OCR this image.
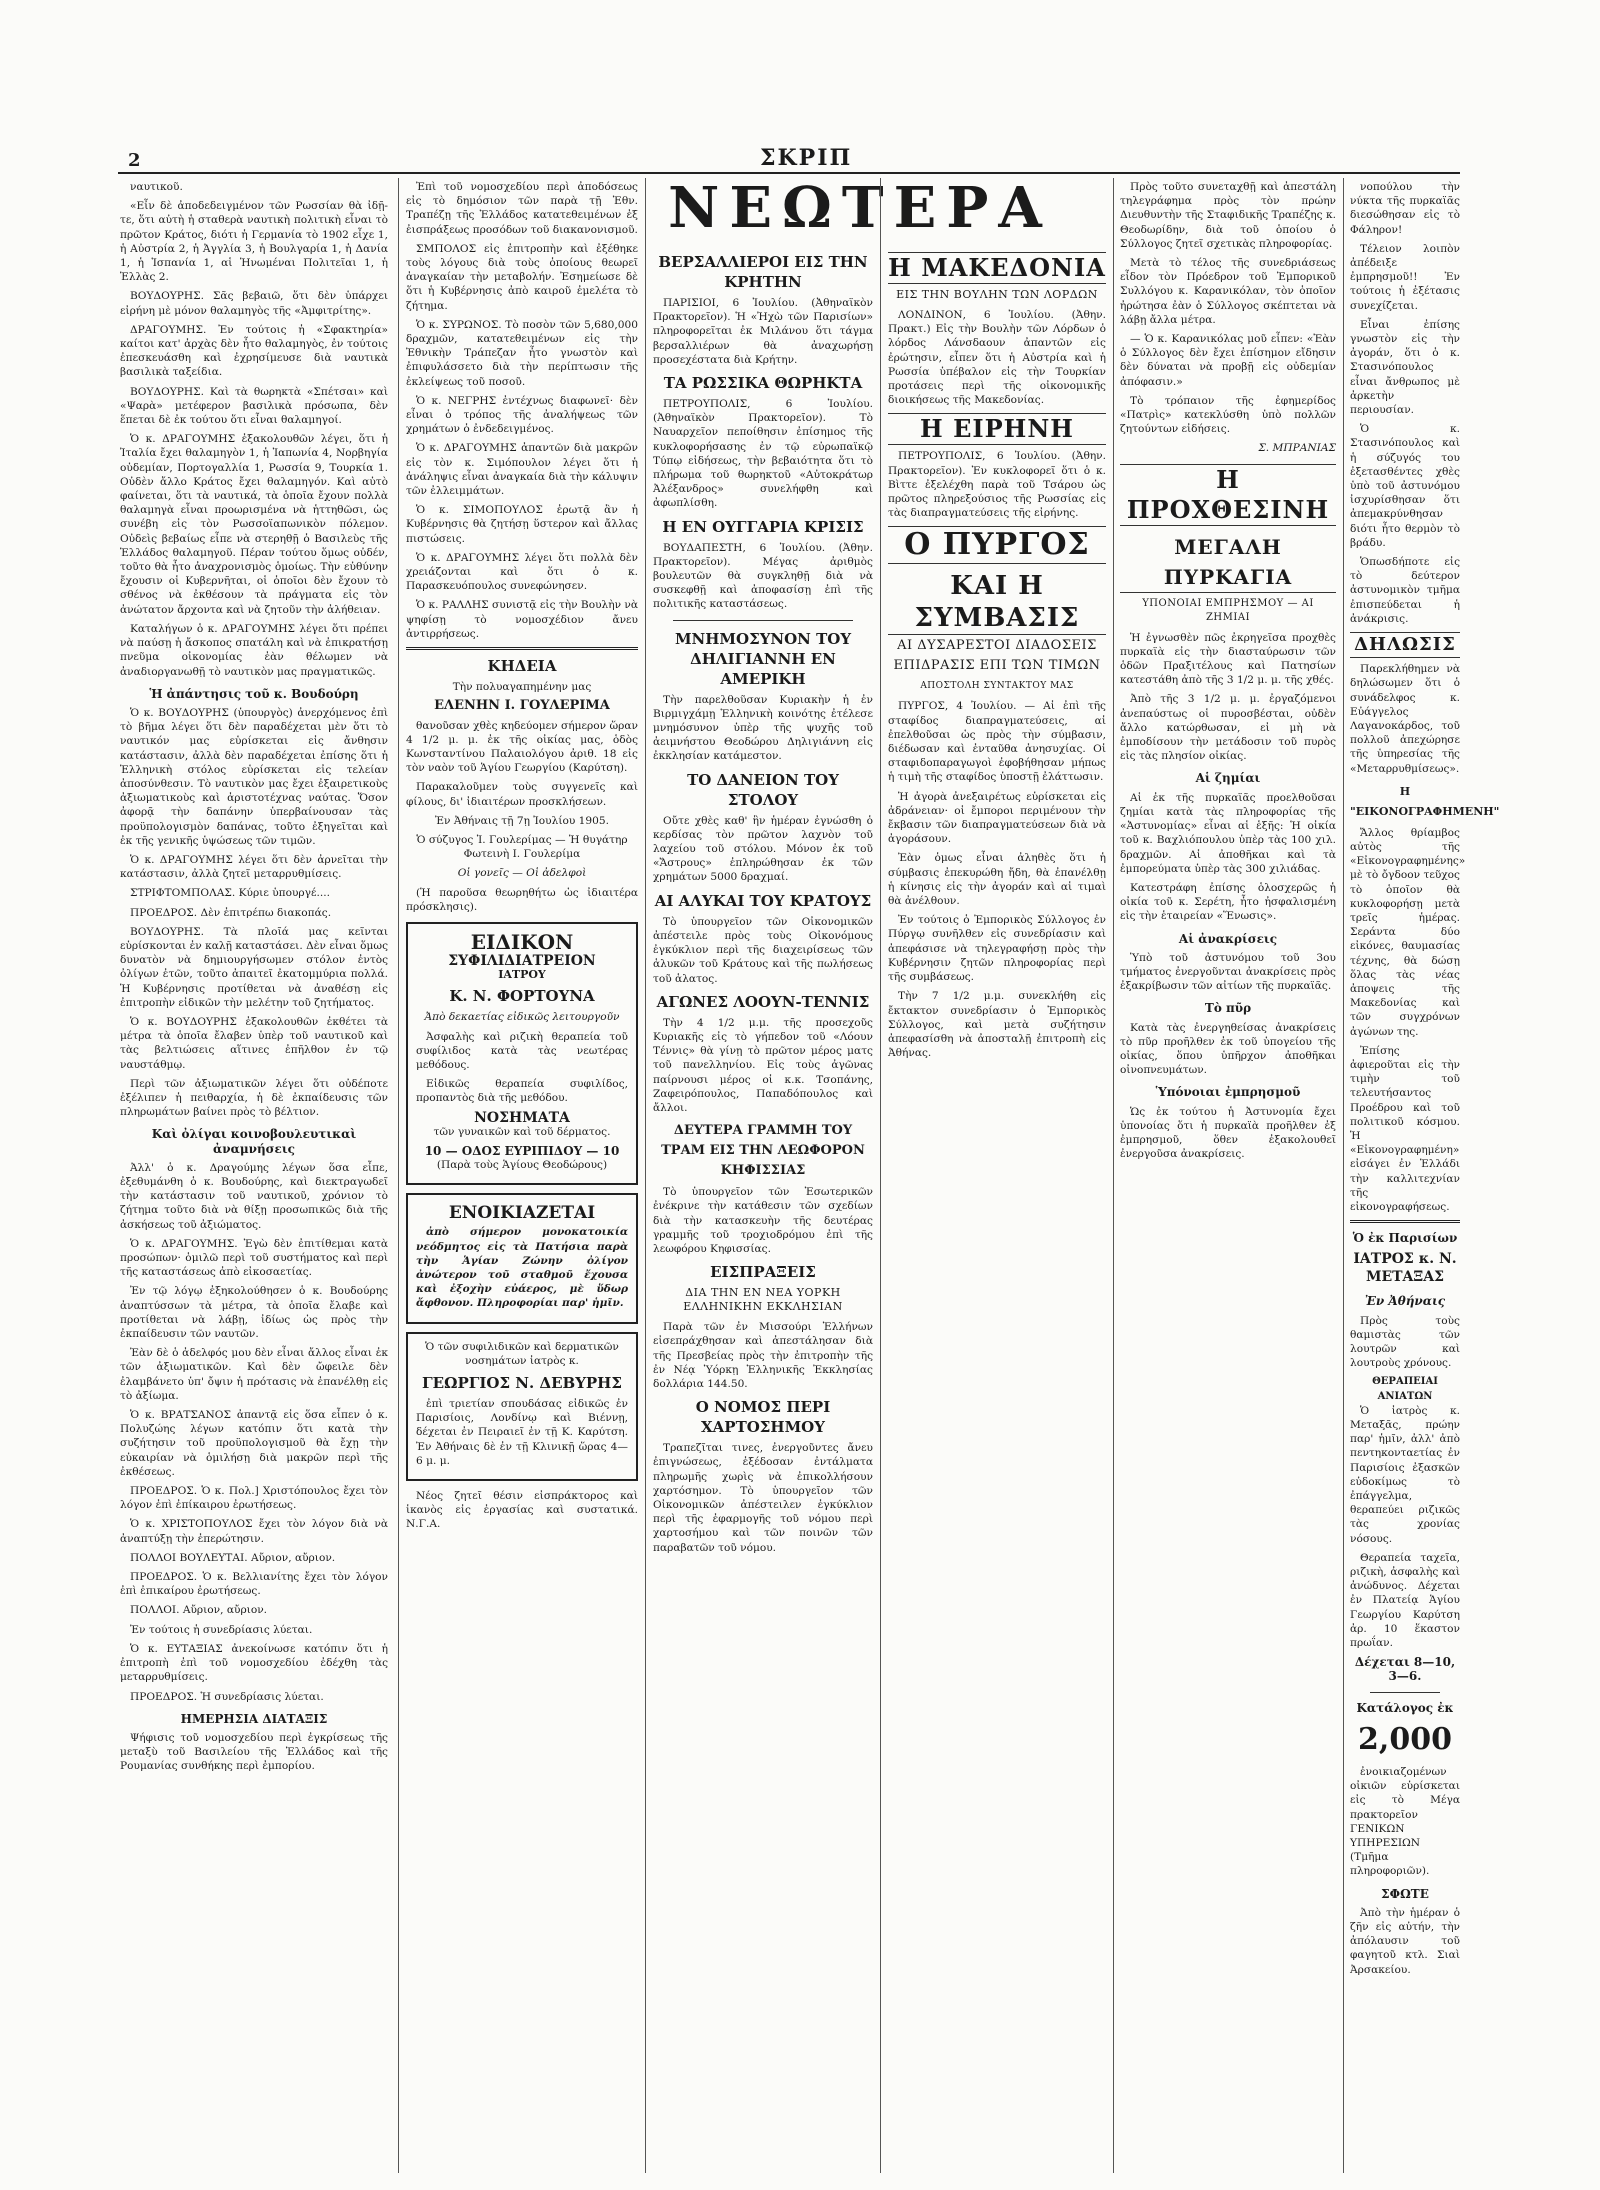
2	ΣΚΡΙΠ
ΝΕΩΤΕΡΑ

ναυτικοῦ.

«Εἶν δὲ ἀποδεδειγμένον τῶν Ρωσσίαν θὰ ἰδῇ-τε, ὅτι αὐτὴ ἡ σταθερὰ ναυτικὴ πολιτικὴ εἶναι τὸ πρῶτον Κράτος, διότι ἡ Γερμανία τὸ 1902 εἶχε 1, ἡ Αὐστρία 2, ἡ Ἀγγλία 3, ἡ Βουλγαρία 1, ἡ Δανία 1, ἡ Ἱσπανία 1, αἱ Ἡνωμέναι Πολιτεῖαι 1, ἡ Ἑλλὰς 2.

ΒΟΥΔΟΥΡΗΣ. Σᾶς βεβαιῶ, ὅτι δὲν ὑπάρχει εἰρήνη μὲ μόνον θαλαμηγὸς τῆς «Ἀμφιτρίτης».

ΔΡΑΓΟΥΜΗΣ. Ἐν τούτοις ἡ «Σφακτηρία» καίτοι κατ' ἀρχὰς δὲν ἦτο θαλαμηγὸς, ἐν τούτοις ἐπεσκευάσθη καὶ ἐχρησίμευσε διὰ ναυτικὰ βασιλικὰ ταξείδια.

ΒΟΥΔΟΥΡΗΣ. Καὶ τὰ θωρηκτὰ «Σπέτσαι» καὶ «Ψαρὰ» μετέφερον βασιλικὰ πρόσωπα, δὲν ἕπεται δὲ ἐκ τούτου ὅτι εἶναι θαλαμηγοί.

Ὁ κ. ΔΡΑΓΟΥΜΗΣ ἐξακολουθῶν λέγει, ὅτι ἡ Ἰταλία ἔχει θαλαμηγὸν 1, ἡ Ἰαπωνία 4, Νορβηγία οὐδεμίαν, Πορτογαλλία 1, Ρωσσία 9, Τουρκία 1. Οὐδὲν ἄλλο Κράτος ἔχει θαλαμηγόν. Καὶ αὐτὸ φαίνεται, ὅτι τὰ ναυτικά, τὰ ὁποῖα ἔχουν πολλὰ θαλαμηγὰ εἶναι προωρισμένα νὰ ἡττηθῶσι, ὡς συνέβη εἰς τὸν Ρωσσοϊαπωνικὸν πόλεμον. Οὐδεὶς βεβαίως εἶπε νὰ στερηθῇ ὁ Βασιλεὺς τῆς Ἑλλάδος θαλαμηγοῦ. Πέραν τούτου ὅμως οὐδέν, τοῦτο θὰ ἦτο ἀναχρονισμὸς ὁμοίως. Τὴν εὐθύνην ἔχουσιν οἱ Κυβερνῆται, οἱ ὁποῖοι δὲν ἔχουν τὸ σθένος νὰ ἐκθέσουν τὰ πράγματα εἰς τὸν ἀνώτατον ἄρχοντα καὶ νὰ ζητοῦν τὴν ἀλήθειαν.

Καταλήγων ὁ κ. ΔΡΑΓΟΥΜΗΣ λέγει ὅτι πρέπει νὰ παύσῃ ἡ ἄσκοπος σπατάλη καὶ νὰ ἐπικρατήσῃ πνεῦμα οἰκονομίας ἐὰν θέλωμεν νὰ ἀναδιοργανωθῇ τὸ ναυτικὸν μας πραγματικῶς.

Ἡ ἀπάντησις τοῦ κ. Βουδούρη

Ὁ κ. ΒΟΥΔΟΥΡΗΣ (ὑπουργὸς) ἀνερχόμενος ἐπὶ τὸ βῆμα λέγει ὅτι δὲν παραδέχεται μὲν ὅτι τὸ ναυτικόν μας εὑρίσκεται εἰς ἄνθησιν κατάστασιν, ἀλλὰ δὲν παραδέχεται ἐπίσης ὅτι ἡ Ἑλληνικὴ στόλος εὑρίσκεται εἰς τελείαν ἀποσύνθεσιν. Τὸ ναυτικὸν μας ἔχει ἐξαιρετικοὺς ἀξιωματικοὺς καὶ ἀριστοτέχνας ναύτας. Ὅσον ἀφορᾷ τὴν δαπάνην ὑπερβαίνουσαν τὰς προϋπολογισμὸν δαπάνας, τοῦτο ἐξηγεῖται καὶ ἐκ τῆς γενικῆς ὑψώσεως τῶν τιμῶν.

Ὁ κ. ΔΡΑΓΟΥΜΗΣ λέγει ὅτι δὲν ἀρνεῖται τὴν κατάστασιν, ἀλλὰ ζητεῖ μεταρρυθμίσεις.

ΣΤΡΙΦΤΟΜΠΟΛΑΣ. Κύριε ὑπουργέ....

ΠΡΟΕΔΡΟΣ. Δὲν ἐπιτρέπω διακοπάς.

ΒΟΥΔΟΥΡΗΣ. Τὰ πλοῖά μας κεῖνται εὑρίσκονται ἐν καλῇ καταστάσει. Δὲν εἶναι ὅμως δυνατὸν νὰ δημιουργήσωμεν στόλον ἐντὸς ὀλίγων ἐτῶν, τοῦτο ἀπαιτεῖ ἐκατομμύρια πολλά. Ἡ Κυβέρνησις προτίθεται νὰ ἀναθέσῃ εἰς ἐπιτροπὴν εἰδικῶν τὴν μελέτην τοῦ ζητήματος.

Ὁ κ. ΒΟΥΔΟΥΡΗΣ ἐξακολουθῶν ἐκθέτει τὰ μέτρα τὰ ὁποῖα ἔλαβεν ὑπὲρ τοῦ ναυτικοῦ καὶ τὰς βελτιώσεις αἵτινες ἐπῆλθον ἐν τῷ ναυστάθμῳ.

Περὶ τῶν ἀξιωματικῶν λέγει ὅτι οὐδέποτε ἐξέλιπεν ἡ πειθαρχία, ἡ δὲ ἐκπαίδευσις τῶν πληρωμάτων βαίνει πρὸς τὸ βέλτιον.

Καὶ ὀλίγαι κοινοβουλευτικαὶ ἀναμνήσεις

Ἀλλ' ὁ κ. Δραγούμης λέγων ὅσα εἶπε, ἐξεθυμάνθη ὁ κ. Βουδούρης, καὶ διεκτραγωδεῖ τὴν κατάστασιν τοῦ ναυτικοῦ, χρόνιον τὸ ζήτημα τοῦτο διὰ νὰ θίξῃ προσωπικῶς διὰ τῆς ἀσκήσεως τοῦ ἀξιώματος.

Ὁ κ. ΔΡΑΓΟΥΜΗΣ. Ἐγὼ δὲν ἐπιτίθεμαι κατὰ προσώπων· ὁμιλῶ περὶ τοῦ συστήματος καὶ περὶ τῆς καταστάσεως ἀπὸ εἰκοσαετίας.

Ἐν τῷ λόγῳ ἐξηκολούθησεν ὁ κ. Βουδούρης ἀναπτύσσων τὰ μέτρα, τὰ ὁποῖα ἔλαβε καὶ προτίθεται νὰ λάβῃ, ἰδίως ὡς πρὸς τὴν ἐκπαίδευσιν τῶν ναυτῶν.

Ἐὰν δὲ ὁ ἀδελφός μου δὲν εἶναι ἄλλος εἶναι ἐκ τῶν ἀξιωματικῶν. Καὶ δὲν ὤφειλε δὲν ἐλαμβάνετο ὑπ' ὄψιν ἡ πρότασις νὰ ἐπανέλθῃ εἰς τὸ ἀξίωμα.

Ὁ κ. ΒΡΑΤΣΑΝΟΣ ἀπαντᾷ εἰς ὅσα εἶπεν ὁ κ. Πολυζώης λέγων κατόπιν ὅτι κατὰ τὴν συζήτησιν τοῦ προϋπολογισμοῦ θὰ ἔχῃ τὴν εὐκαιρίαν νὰ ὁμιλήσῃ διὰ μακρῶν περὶ τῆς ἐκθέσεως.

ΠΡΟΕΔΡΟΣ. Ὁ κ. Πολ.] Χριστόπουλος ἔχει τὸν λόγον ἐπὶ ἐπίκαιρου ἐρωτήσεως.

Ὁ κ. ΧΡΙΣΤΟΠΟΥΛΟΣ ἔχει τὸν λόγον διὰ νὰ ἀναπτύξῃ τὴν ἐπερώτησιν.

ΠΟΛΛΟΙ ΒΟΥΛΕΥΤΑΙ. Αὔριον, αὔριον.

ΠΡΟΕΔΡΟΣ. Ὁ κ. Βελλιανίτης ἔχει τὸν λόγον ἐπὶ ἐπικαίρου ἐρωτήσεως.

ΠΟΛΛΟΙ. Αὔριον, αὔριον.

Ἐν τούτοις ἡ συνεδρίασις λύεται.

Ὁ κ. ΕΥΤΑΞΙΑΣ ἀνεκοίνωσε κατόπιν ὅτι ἡ ἐπιτροπὴ ἐπὶ τοῦ νομοσχεδίου ἐδέχθη τὰς μεταρρυθμίσεις.

ΠΡΟΕΔΡΟΣ. Ἡ συνεδρίασις λύεται.

ΗΜΕΡΗΣΙΑ ΔΙΑΤΑΞΙΣ

Ψήφισις τοῦ νομοσχεδίου περὶ ἐγκρίσεως τῆς μεταξὺ τοῦ Βασιλείου τῆς Ἑλλάδος καὶ τῆς Ρουμανίας συνθήκης περὶ ἐμπορίου.

Ἐπὶ τοῦ νομοσχεδίου περὶ ἀποδόσεως εἰς τὸ δημόσιον τῶν παρὰ τῇ Ἐθν. Τραπέζῃ τῆς Ἑλλάδος κατατεθειμένων ἐξ ἐισπράξεως προσόδων τοῦ διακανονισμοῦ.

ΣΜΠΟΛΟΣ εἰς ἐπιτροπὴν καὶ ἐξέθηκε τοὺς λόγους διὰ τοὺς ὁποίους θεωρεῖ ἀναγκαίαν τὴν μεταβολήν. Ἐσημείωσε δὲ ὅτι ἡ Κυβέρνησις ἀπὸ καιροῦ ἐμελέτα τὸ ζήτημα.

Ὁ κ. ΣΥΡΩΝΟΣ. Τὸ ποσὸν τῶν 5,680,000 δραχμῶν, κατατεθειμένων εἰς τὴν Ἐθνικὴν Τράπεζαν ἦτο γνωστὸν καὶ ἐπιφυλάσσετο διὰ τὴν περίπτωσιν τῆς ἐκλείψεως τοῦ ποσοῦ.

Ὁ κ. ΝΕΓΡΗΣ ἐντέχνως διαφωνεῖ· δὲν εἶναι ὁ τρόπος τῆς ἀναλήψεως τῶν χρημάτων ὁ ἐνδεδειγμένος.

Ὁ κ. ΔΡΑΓΟΥΜΗΣ ἀπαντῶν διὰ μακρῶν εἰς τὸν κ. Σιμόπουλον λέγει ὅτι ἡ ἀνάληψις εἶναι ἀναγκαία διὰ τὴν κάλυψιν τῶν ἐλλειμμάτων.

Ὁ κ. ΣΙΜΟΠΟΥΛΟΣ ἐρωτᾷ ἂν ἡ Κυβέρνησις θὰ ζητήσῃ ὕστερον καὶ ἄλλας πιστώσεις.

Ὁ κ. ΔΡΑΓΟΥΜΗΣ λέγει ὅτι πολλὰ δὲν χρειάζονται καὶ ὅτι ὁ κ. Παρασκευόπουλος συνεφώνησεν.

Ὁ κ. ΡΑΛΛΗΣ συνιστᾷ εἰς τὴν Βουλὴν νὰ ψηφίσῃ τὸ νομοσχέδιον ἄνευ ἀντιρρήσεως.

ΚΗΔΕΙΑ

Τὴν πολυαγαπημένην μας

ΕΛΕΝΗΝ Ι. ΓΟΥΛΕΡΙΜΑ

θανοῦσαν χθὲς κηδεύομεν σήμερον ὥραν 4 1/2 μ. μ. ἐκ τῆς οἰκίας μας, ὁδὸς Κωνσταντίνου Παλαιολόγου ἀριθ. 18 εἰς τὸν ναὸν τοῦ Ἁγίου Γεωργίου (Καρύτση).

Παρακαλοῦμεν τοὺς συγγενεῖς καὶ φίλους, δι' ἰδιαιτέρων προσκλήσεων.

Ἐν Ἀθήναις τῇ 7ῃ Ἰουλίου 1905.

Ὁ σύζυγος Ἰ. Γουλερίμας — Ἡ θυγάτηρ Φωτεινὴ Ι. Γουλερίμα

Οἱ γονεῖς — Οἱ ἀδελφοὶ

(Ἡ παροῦσα θεωρηθήτω ὡς ἰδιαιτέρα πρόσκλησις).

ΕΙΔΙΚΟΝ
ΣΥΦΙΛΙΔΙΑΤΡΕΙΟΝ
ΙΑΤΡΟΥ
Κ. Ν. ΦΟΡΤΟΥΝΑ

Ἀπὸ δεκαετίας εἰδικῶς λειτουργοῦν

Ἀσφαλὴς καὶ ριζικὴ θεραπεία τοῦ συφίλιδος κατὰ τὰς νεωτέρας μεθόδους.

Εἰδικῶς θεραπεία συφιλίδος, προπαντὸς διὰ τῆς μεθόδου.

ΝΟΣΗΜΑΤΑ

τῶν γυναικῶν καὶ τοῦ δέρματος.

10 — ΟΔΟΣ ΕΥΡΙΠΙΔΟΥ — 10

(Παρὰ τοὺς Ἁγίους Θεοδώρους)

ΕΝΟΙΚΙΑΖΕΤΑΙ

ἀπὸ σήμερον μονοκατοικία νεόδμητος εἰς τὰ Πατήσια παρὰ τὴν Ἁγίαν Ζώνην ὀλίγον ἀνώτερον τοῦ σταθμοῦ ἔχουσα καὶ ἐξοχὴν εὐάερος, μὲ ὕδωρ ἄφθονον. Πληροφορίαι παρ' ἡμῖν.

Ὁ τῶν συφιλιδικῶν καὶ δερματικῶν νοσημάτων ἰατρὸς κ.

ΓΕΩΡΓΙΟΣ Ν. ΔΕΒΥΡΗΣ

ἐπὶ τριετίαν σπουδάσας εἰδικῶς ἐν Παρισίοις, Λονδίνῳ καὶ Βιέννῃ, δέχεται ἐν Πειραιεῖ ἐν τῇ Κ. Καρύτση. Ἐν Ἀθήναις δὲ ἐν τῇ Κλινικῇ ὥρας 4—6 μ. μ.

Νέος ζητεῖ θέσιν εἰσπράκτορος καὶ ἱκανὸς εἰς ἐργασίας καὶ συστατικά. Ν.Γ.Α.

ΒΕΡΣΑΛΛΙΕΡΟΙ ΕΙΣ ΤΗΝ ΚΡΗΤΗΝ

ΠΑΡΙΣΙΟΙ, 6 Ἰουλίου. (Ἀθηναϊκὸν Πρακτορεῖον). Ἡ «Ἠχὼ τῶν Παρισίων» πληροφορεῖται ἐκ Μιλάνου ὅτι τάγμα βερσαλλιέρων θὰ ἀναχωρήσῃ προσεχέστατα διὰ Κρήτην.

ΤΑ ΡΩΣΣΙΚΑ ΘΩΡΗΚΤΑ

ΠΕΤΡΟΥΠΟΛΙΣ, 6 Ἰουλίου. (Ἀθηναϊκὸν Πρακτορεῖον). Τὸ Ναυαρχεῖον πεποίθησιν ἐπίσημος τῆς κυκλοφορήσασης ἐν τῷ εὐρωπαϊκῷ Τύπῳ εἰδήσεως, τὴν βεβαιότητα ὅτι τὸ πλήρωμα τοῦ θωρηκτοῦ «Αὐτοκράτωρ Ἀλέξανδρος» συνελήφθη καὶ ἀφωπλίσθη.

Η ΕΝ ΟΥΓΓΑΡΙΑ ΚΡΙΣΙΣ

ΒΟΥΔΑΠΕΣΤΗ, 6 Ἰουλίου. (Ἀθην. Πρακτορεῖον). Μέγας ἀριθμὸς βουλευτῶν θὰ συγκληθῇ διὰ νὰ συσκεφθῇ καὶ ἀποφασίσῃ ἐπὶ τῆς πολιτικῆς καταστάσεως.

ΜΝΗΜΟΣΥΝΟΝ ΤΟΥ ΔΗΛΙΓΙΑΝΝΗ ΕΝ ΑΜΕΡΙΚΗ

Τὴν παρελθοῦσαν Κυριακὴν ἡ ἐν Βιρμιγχάμῃ Ἑλληνικὴ κοινότης ἐτέλεσε μνημόσυνον ὑπὲρ τῆς ψυχῆς τοῦ ἀειμνήστου Θεοδώρου Δηλιγιάννη εἰς ἐκκλησίαν κατάμεστον.

ΤΟ ΔΑΝΕΙΟΝ ΤΟΥ ΣΤΟΛΟΥ

Οὔτε χθὲς καθ' ἣν ἡμέραν ἐγνώσθη ὁ κερδίσας τὸν πρῶτον λαχνὸν τοῦ λαχείου τοῦ στόλου. Μόνον ἐκ τοῦ «Ἄστρους» ἐπληρώθησαν ἐκ τῶν χρημάτων 5000 δραχμαί.

ΑΙ ΑΛΥΚΑΙ ΤΟΥ ΚΡΑΤΟΥΣ

Τὸ ὑπουργεῖον τῶν Οἰκονομικῶν ἀπέστειλε πρὸς τοὺς Οἰκονόμους ἐγκύκλιον περὶ τῆς διαχειρίσεως τῶν ἁλυκῶν τοῦ Κράτους καὶ τῆς πωλήσεως τοῦ ἁλατος.

ΑΓΩΝΕΣ ΛΟΟΥΝ-ΤΕΝΝΙΣ

Τὴν 4 1/2 μ.μ. τῆς προσεχοῦς Κυριακῆς εἰς τὸ γήπεδον τοῦ «Λόουν Τέννις» θὰ γίνῃ τὸ πρῶτον μέρος ματς τοῦ πανελληνίου. Εἰς τοὺς ἀγῶνας παίρνουσι μέρος οἱ κ.κ. Τσοπάνης, Ζαφειρόπουλος, Παπαδόπουλος καὶ ἄλλοι.

ΔΕΥΤΕΡΑ ΓΡΑΜΜΗ ΤΟΥ ΤΡΑΜ ΕΙΣ ΤΗΝ ΛΕΩΦΟΡΟΝ ΚΗΦΙΣΣΙΑΣ

Τὸ ὑπουργεῖον τῶν Ἐσωτερικῶν ἐνέκρινε τὴν κατάθεσιν τῶν σχεδίων διὰ τὴν κατασκευὴν τῆς δευτέρας γραμμῆς τοῦ τροχιοδρόμου ἐπὶ τῆς λεωφόρου Κηφισσίας.

ΕΙΣΠΡΑΞΕΙΣ
ΔΙΑ ΤΗΝ ΕΝ ΝΕΑ ΥΟΡΚΗ ΕΛΛΗΝΙΚΗΝ ΕΚΚΛΗΣΙΑΝ

Παρὰ τῶν ἐν Μισσούρι Ἑλλήνων εἰσεπράχθησαν καὶ ἀπεστάλησαν διὰ τῆς Πρεσβείας πρὸς τὴν ἐπιτροπὴν τῆς ἐν Νέᾳ Ὑόρκῃ Ἑλληνικῆς Ἐκκλησίας δολλάρια 144.50.

Ο ΝΟΜΟΣ ΠΕΡΙ ΧΑΡΤΟΣΗΜΟΥ

Τραπεζῖται τινες, ἐνεργοῦντες ἄνευ ἐπιγνώσεως, ἐξέδοσαν ἐντάλματα πληρωμῆς χωρὶς νὰ ἐπικολλήσουν χαρτόσημον. Τὸ ὑπουργεῖον τῶν Οἰκονομικῶν ἀπέστειλεν ἐγκύκλιον περὶ τῆς ἐφαρμογῆς τοῦ νόμου περὶ χαρτοσήμου καὶ τῶν ποινῶν τῶν παραβατῶν τοῦ νόμου.

Η ΜΑΚΕΔΟΝΙΑ
ΕΙΣ ΤΗΝ ΒΟΥΛΗΝ ΤΩΝ ΛΟΡΔΩΝ

ΛΟΝΔΙΝΟΝ, 6 Ἰουλίου. (Ἀθην. Πρακτ.) Εἰς τὴν Βουλὴν τῶν Λόρδων ὁ λόρδος Λάνσδαουν ἀπαντῶν εἰς ἐρώτησιν, εἶπεν ὅτι ἡ Αὐστρία καὶ ἡ Ρωσσία ὑπέβαλον εἰς τὴν Τουρκίαν προτάσεις περὶ τῆς οἰκονομικῆς διοικήσεως τῆς Μακεδονίας.

Η ΕΙΡΗΝΗ

ΠΕΤΡΟΥΠΟΛΙΣ, 6 Ἰουλίου. (Ἀθην. Πρακτορεῖον). Ἐν κυκλοφορεῖ ὅτι ὁ κ. Βὶττε ἐξελέχθη παρὰ τοῦ Τσάρου ὡς πρῶτος πληρεξούσιος τῆς Ρωσσίας εἰς τὰς διαπραγματεύσεις τῆς εἰρήνης.

Ο ΠΥΡΓΟΣ
ΚΑΙ Η ΣΥΜΒΑΣΙΣ
ΑΙ ΔΥΣΑΡΕΣΤΟΙ ΔΙΑΔΟΣΕΙΣ
ΕΠΙΔΡΑΣΙΣ ΕΠΙ ΤΩΝ ΤΙΜΩΝ
ΑΠΟΣΤΟΛΗ ΣΥΝΤΑΚΤΟΥ ΜΑΣ

ΠΥΡΓΟΣ, 4 Ἰουλίου. — Αἱ ἐπὶ τῆς σταφίδος διαπραγματεύσεις, αἱ ἐπελθοῦσαι ὡς πρὸς τὴν σύμβασιν, διέδωσαν καὶ ἐνταῦθα ἀνησυχίας. Οἱ σταφιδοπαραγωγοὶ ἐφοβήθησαν μήπως ἡ τιμὴ τῆς σταφίδος ὑποστῇ ἐλάττωσιν.

Ἡ ἀγορὰ ἀνεξαιρέτως εὑρίσκεται εἰς ἀδράνειαν· οἱ ἔμποροι περιμένουν τὴν ἔκβασιν τῶν διαπραγματεύσεων διὰ νὰ ἀγοράσουν.

Ἐὰν ὁμως εἶναι ἀληθὲς ὅτι ἡ σύμβασις ἐπεκυρώθη ἤδη, θὰ ἐπανέλθῃ ἡ κίνησις εἰς τὴν ἀγοράν καὶ αἱ τιμαὶ θὰ ἀνέλθουν.

Ἐν τούτοις ὁ Ἐμπορικὸς Σύλλογος ἐν Πύργῳ συνῆλθεν εἰς συνεδρίασιν καὶ ἀπεφάσισε νὰ τηλεγραφήσῃ πρὸς τὴν Κυβέρνησιν ζητῶν πληροφορίας περὶ τῆς συμβάσεως.

Τὴν 7 1/2 μ.μ. συνεκλήθη εἰς ἔκτακτον συνεδρίασιν ὁ Ἐμπορικὸς Σύλλογος, καὶ μετὰ συζήτησιν ἀπεφασίσθη νὰ ἀποσταλῇ ἐπιτροπὴ εἰς Ἀθήνας.

Πρὸς τοῦτο συνεταχθῇ καὶ ἀπεστάλη τηλεγράφημα πρὸς τὸν πρώην Διευθυντὴν τῆς Σταφιδικῆς Τραπέζης κ. Θεοδωρίδην, διὰ τοῦ ὁποίου ὁ Σύλλογος ζητεῖ σχετικὰς πληροφορίας.

Μετὰ τὸ τέλος τῆς συνεδριάσεως εἶδον τὸν Πρόεδρον τοῦ Ἐμπορικοῦ Συλλόγου κ. Καρανικόλαν, τὸν ὁποῖον ἠρώτησα ἐὰν ὁ Σύλλογος σκέπτεται νὰ λάβῃ ἄλλα μέτρα.

— Ὁ κ. Καρανικόλας μοῦ εἶπεν: «Ἐὰν ὁ Σύλλογος δὲν ἔχει ἐπίσημον εἴδησιν δὲν δύναται νὰ προβῇ εἰς οὐδεμίαν ἀπόφασιν.»

Τὸ τρόπαιον τῆς ἐφημερίδος «Πατρὶς» κατεκλύσθη ὑπὸ πολλῶν ζητούντων εἰδήσεις.

Σ. ΜΠΡΑΝΙΑΣ
Η ΠΡΟΧΘΕΣΙΝΗ
ΜΕΓΑΛΗ ΠΥΡΚΑΓΙΑ
ΥΠΟΝΟΙΑΙ ΕΜΠΡΗΣΜΟΥ — ΑΙ ΖΗΜΙΑΙ

Ἡ ἐγνωσθὲν πῶς ἐκρηγεῖσα προχθὲς πυρκαϊὰ εἰς τὴν διασταύρωσιν τῶν ὁδῶν Πραξιτέλους καὶ Πατησίων κατεστάθη ἀπὸ τῆς 3 1/2 μ. μ. τῆς χθές.

Ἀπὸ τῆς 3 1/2 μ. μ. ἐργαζόμενοι ἀνεπαύστως οἱ πυροσβέσται, οὐδὲν ἄλλο κατώρθωσαν, εἰ μὴ νὰ ἐμποδίσουν τὴν μετάδοσιν τοῦ πυρὸς εἰς τὰς πλησίον οἰκίας.

Αἱ ζημίαι

Αἱ ἐκ τῆς πυρκαϊᾶς προελθοῦσαι ζημίαι κατὰ τὰς πληροφορίας τῆς «Ἀστυνομίας» εἶναι αἱ ἑξῆς: Ἡ οἰκία τοῦ κ. Βαχλιόπουλου ὑπὲρ τὰς 100 χιλ. δραχμῶν. Αἱ ἀποθῆκαι καὶ τὰ ἐμπορεύματα ὑπὲρ τὰς 300 χιλιάδας.

Κατεστράφη ἐπίσης ὁλοσχερῶς ἡ οἰκία τοῦ κ. Σερέτη, ἦτο ἠσφαλισμένη εἰς τὴν ἑταιρείαν «Ἕνωσις».

Αἱ ἀνακρίσεις

Ὑπὸ τοῦ ἀστυνόμου τοῦ 3ου τμήματος ἐνεργοῦνται ἀνακρίσεις πρὸς ἐξακρίβωσιν τῶν αἰτίων τῆς πυρκαϊᾶς.

Τὸ πῦρ

Κατὰ τὰς ἐνεργηθείσας ἀνακρίσεις τὸ πῦρ προῆλθεν ἐκ τοῦ ὑπογείου τῆς οἰκίας, ὅπου ὑπῆρχον ἀποθῆκαι οἰνοπνευμάτων.

Ὑπόνοιαι ἐμπρησμοῦ

Ὡς ἐκ τούτου ἡ Ἀστυνομία ἔχει ὑπονοίας ὅτι ἡ πυρκαϊὰ προῆλθεν ἐξ ἐμπρησμοῦ, ὅθεν ἐξακολουθεῖ ἐνεργοῦσα ἀνακρίσεις.

νοπούλου τὴν νύκτα τῆς πυρκαϊᾶς διεσώθησαν εἰς τὸ Φάληρον!

Τέλειον λοιπὸν ἀπέδειξε ἐμπρησμοῦ!! Ἐν τούτοις ἡ ἐξέτασις συνεχίζεται.

Εἶναι ἐπίσης γνωστὸν εἰς τὴν ἀγοράν, ὅτι ὁ κ. Στασινόπουλος εἶναι ἄνθρωπος μὲ ἀρκετὴν περιουσίαν.

Ὁ κ. Στασινόπουλος καὶ ἡ σύζυγός του ἐξετασθέντες χθὲς ὑπὸ τοῦ ἀστυνόμου ἰσχυρίσθησαν ὅτι ἀπεμακρύνθησαν διότι ἦτο θερμὸν τὸ βράδυ.

Ὁπωσδήποτε εἰς τὸ δεύτερον ἀστυνομικὸν τμῆμα ἐπισπεύδεται ἡ ἀνάκρισις.

ΔΗΛΩΣΙΣ

Παρεκλήθημεν νὰ δηλώσωμεν ὅτι ὁ συνάδελφος κ. Εὐάγγελος Λαγανοκάρδος, τοῦ πολλοῦ ἀπεχώρησε τῆς ὑπηρεσίας τῆς «Μεταρρυθμίσεως».

Η "ΕΙΚΟΝΟΓΡΑΦΗΜΕΝΗ"

Ἄλλος θρίαμβος αὐτὸς τῆς «Εἰκονογραφημένης» μὲ τὸ ὄγδοον τεῦχος τὸ ὁποῖον θὰ κυκλοφορήσῃ μετὰ τρεῖς ἡμέρας. Σεράντα δύο εἰκόνες, θαυμασίας τέχνης, θὰ δώσῃ ὅλας τὰς νέας ἀποψεις τῆς Μακεδονίας καὶ τῶν συγχρόνων ἀγώνων της.

Ἐπίσης ἀφιεροῦται εἰς τὴν τιμὴν τοῦ τελευτήσαντος Προέδρου καὶ τοῦ πολιτικοῦ κόσμου. Ἡ «Εἰκονογραφημένη» εἰσάγει ἐν Ἑλλάδι τὴν καλλιτεχνίαν τῆς εἰκονογραφήσεως.

Ὁ ἐκ Παρισίων
ΙΑΤΡΟΣ κ. Ν. ΜΕΤΑΞΑΣ
Ἐν Ἀθήναις

Πρὸς τοὺς θαμιστὰς τῶν λουτρῶν καὶ λουτροὺς χρόνους.

ΘΕΡΑΠΕΙΑΙ ΑΝΙΑΤΩΝ

Ὁ ἰατρὸς κ. Μεταξᾶς, πρώην παρ' ἡμῖν, ἀλλ' ἀπὸ πεντηκονταετίας ἐν Παρισίοις ἐξασκῶν εὐδοκίμως τὸ ἐπάγγελμα, θεραπεύει ριζικῶς τὰς χρονίας νόσους.

Θεραπεία ταχεῖα, ριζικὴ, ἀσφαλὴς καὶ ἀνώδυνος. Δέχεται ἐν Πλατείᾳ Ἁγίου Γεωργίου Καρύτση ἀρ. 10 ἕκαστον πρωΐαν.

Δέχεται 8—10, 3—6.
Κατάλογος ἐκ
2,000

ἐνοικιαζομένων οἰκιῶν εὑρίσκεται εἰς τὸ Μέγα πρακτορεῖον ΓΕΝΙΚΩΝ ΥΠΗΡΕΣΙΩΝ (Τμῆμα πληροφοριῶν).

ΣΦΩΤΕ

Ἀπὸ τὴν ἡμέραν ὁ ζῆν εἰς αὐτήν, τὴν ἀπόλαυσιν τοῦ φαγητοῦ κτλ. Σιαὶ Ἀρσακείου.
